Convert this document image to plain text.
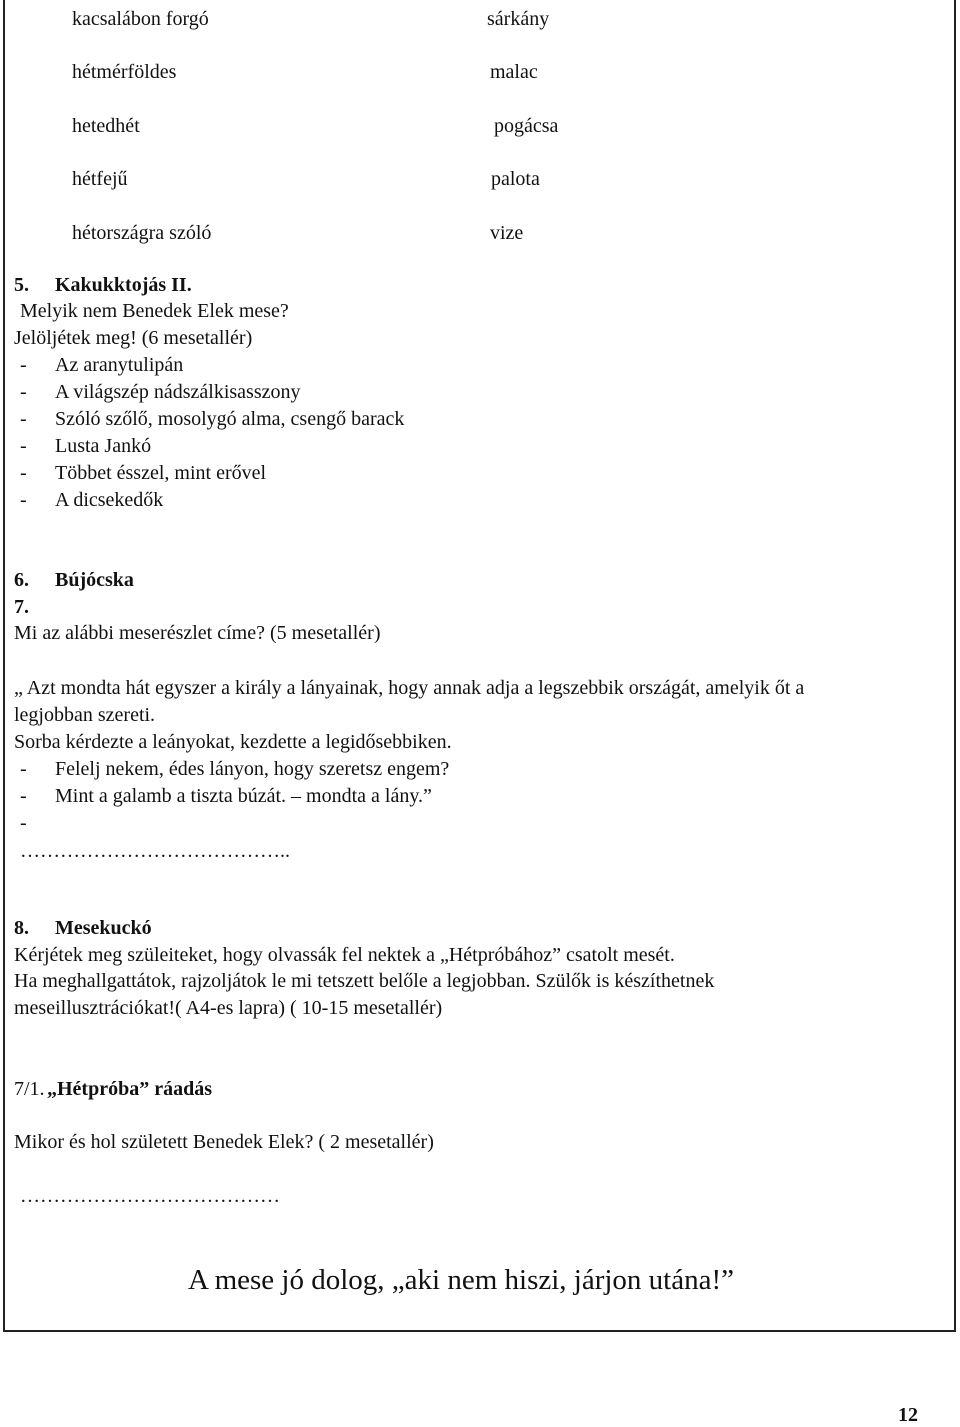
kacsalábon forgó
hétmérföldes
hetedhét
hétfejű
hétországra szóló
sárkány
malac
pogácsa
palota
vize
5. Kakukktojás II.
Melyik nem Benedek Elek mese?
Jelöljétek meg! (6 mesetallér)
- Az aranytulipán
- A világszép nádszálkisasszony
- Szóló szőlő, mosolygó alma, csengő barack
- Lusta Jankó
- Többet ésszel, mint erővel
- A dicsekedők
6. Bújócska
7.
Mi az alábbi meserészlet címe? (5 mesetallér)
„ Azt mondta hát egyszer a király a lányainak, hogy annak adja a legszebbik országát, amelyik őt a
legjobban szereti.
Sorba kérdezte a leányokat, kezdette a legidősebbiken.
- Felelj nekem, édes lányon, hogy szeretsz engem?
- Mint a galamb a tiszta búzát. – mondta a lány.”
-
…………………………………..
8. Mesekuckó
Kérjétek meg szüleiteket, hogy olvassák fel nektek a „Hétpróbához” csatolt mesét.
Ha meghallgattátok, rajzoljátok le mi tetszett belőle a legjobban. Szülők is készíthetnek
meseillusztrációkat!( A4-es lapra) ( 10-15 mesetallér)
7/1. „Hétpróba” ráadás
Mikor és hol született Benedek Elek? ( 2 mesetallér)
…………………………………
A mese jó dolog, „aki nem hiszi, járjon utána!”
12
